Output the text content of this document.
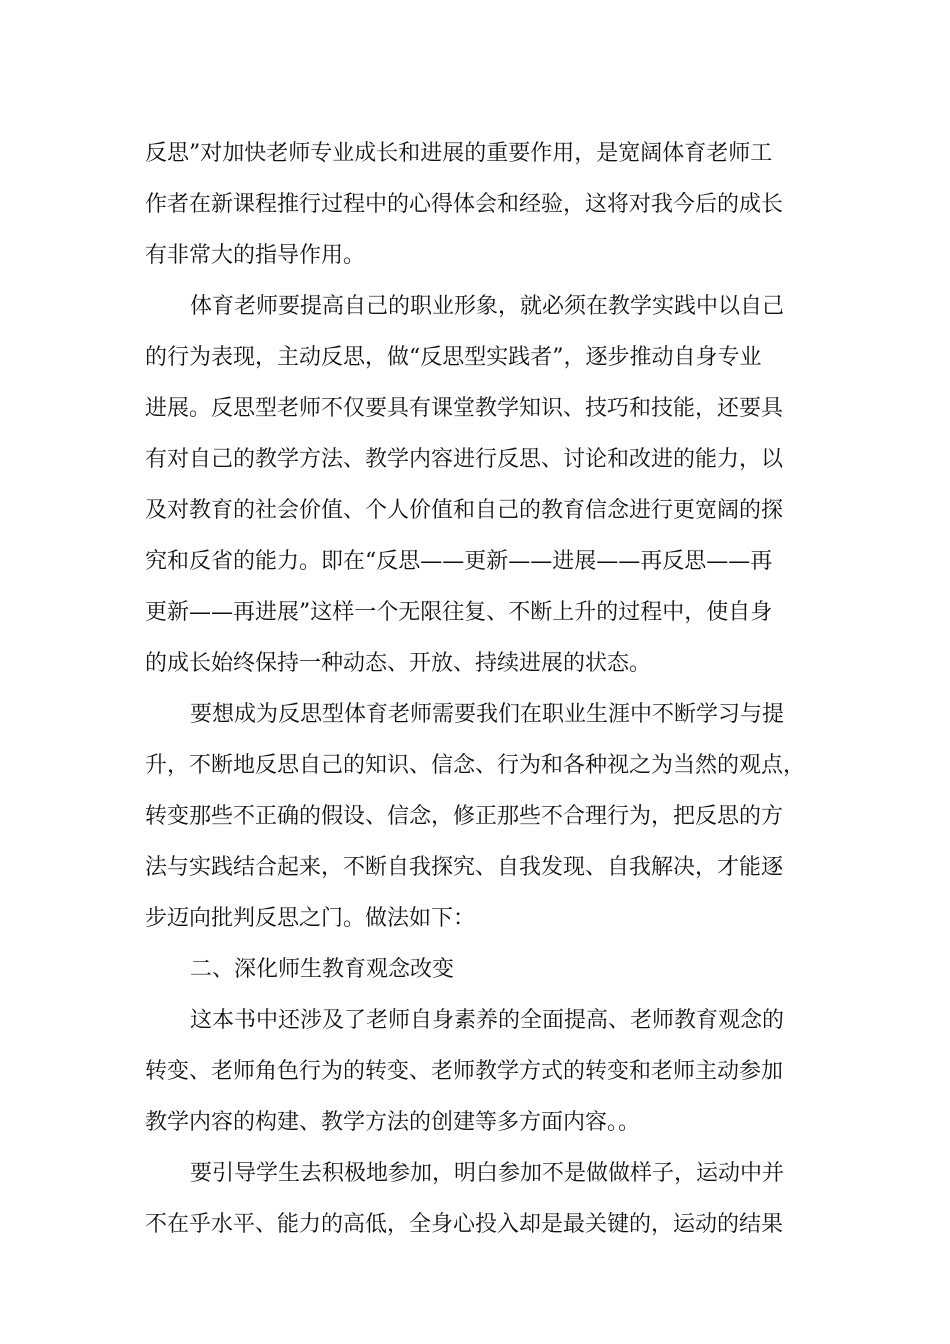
反思”对加快老师专业成长和进展的重要作用，是宽阔体育老师工
作者在新课程推行过程中的心得体会和经验，这将对我今后的成长
有非常大的指导作用。
体育老师要提高自己的职业形象，就必须在教学实践中以自己
的行为表现，主动反思，做“反思型实践者”，逐步推动自身专业
进展。反思型老师不仅要具有课堂教学知识、技巧和技能，还要具
有对自己的教学方法、教学内容进行反思、讨论和改进的能力，以
及对教育的社会价值、个人价值和自己的教育信念进行更宽阔的探
究和反省的能力。即在“反思——更新——进展——再反思——再
更新——再进展”这样一个无限往复、不断上升的过程中，使自身
的成长始终保持一种动态、开放、持续进展的状态。
要想成为反思型体育老师需要我们在职业生涯中不断学习与提
升，不断地反思自己的知识、信念、行为和各种视之为当然的观点，
转变那些不正确的假设、信念，修正那些不合理行为，把反思的方
法与实践结合起来，不断自我探究、自我发现、自我解决，才能逐
步迈向批判反思之门。做法如下：
二、深化师生教育观念改变
这本书中还涉及了老师自身素养的全面提高、老师教育观念的
转变、老师角色行为的转变、老师教学方式的转变和老师主动参加
教学内容的构建、教学方法的创建等多方面内容。。
要引导学生去积极地参加，明白参加不是做做样子，运动中并
不在乎水平、能力的高低，全身心投入却是最关键的，运动的结果
